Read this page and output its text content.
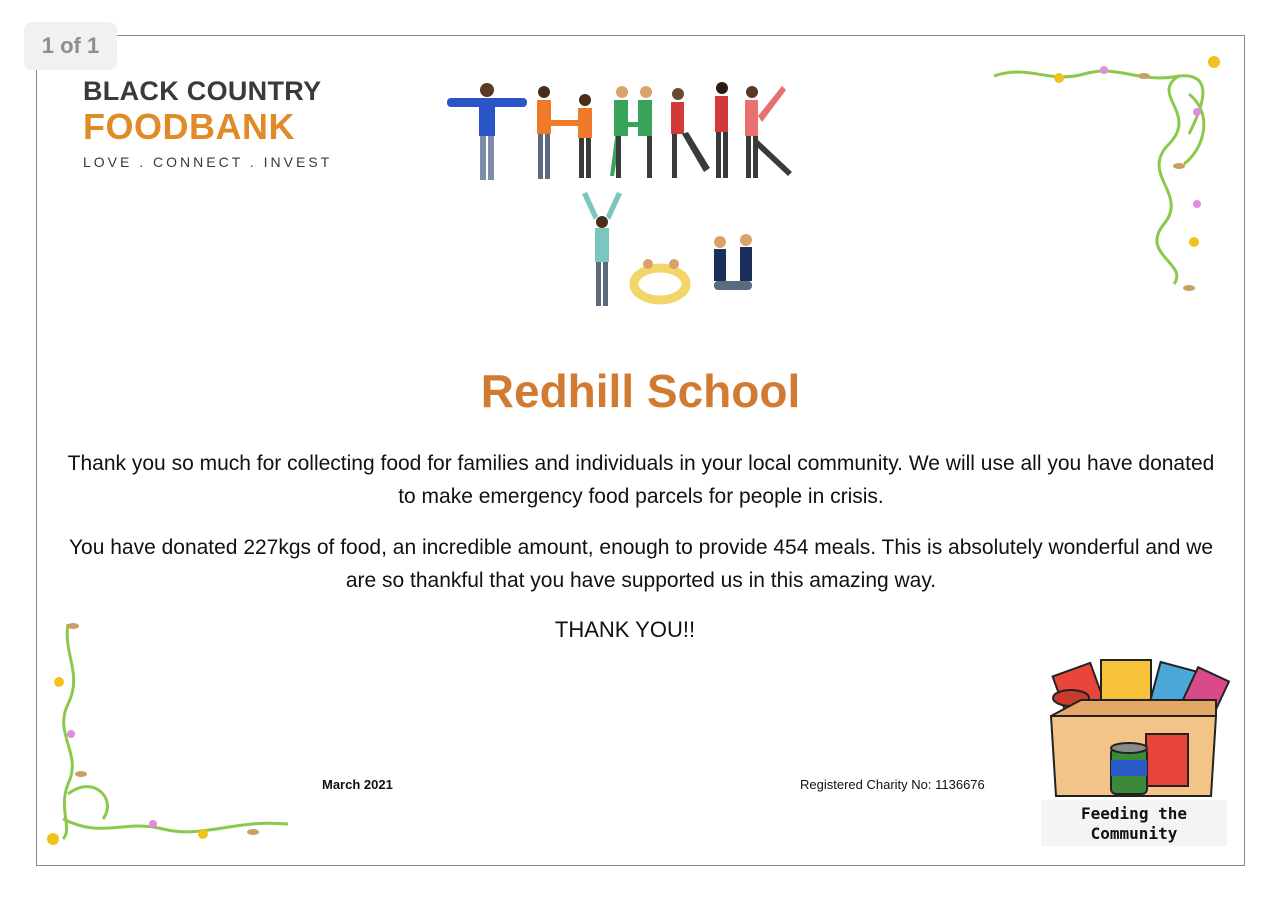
1 of 1
BLACK COUNTRY
FOODBANK
LOVE . CONNECT . INVEST
Redhill School

Thank you so much for collecting food for families and individuals in your local community. We will use all you have donated to make emergency food parcels for people in crisis.

You have donated 227kgs of food, an incredible amount, enough to provide 454 meals. This is absolutely wonderful and we are so thankful that you have supported us in this amazing way.

THANK YOU!!
March 2021	Registered Charity No: 1136676
Feeding the
Community
